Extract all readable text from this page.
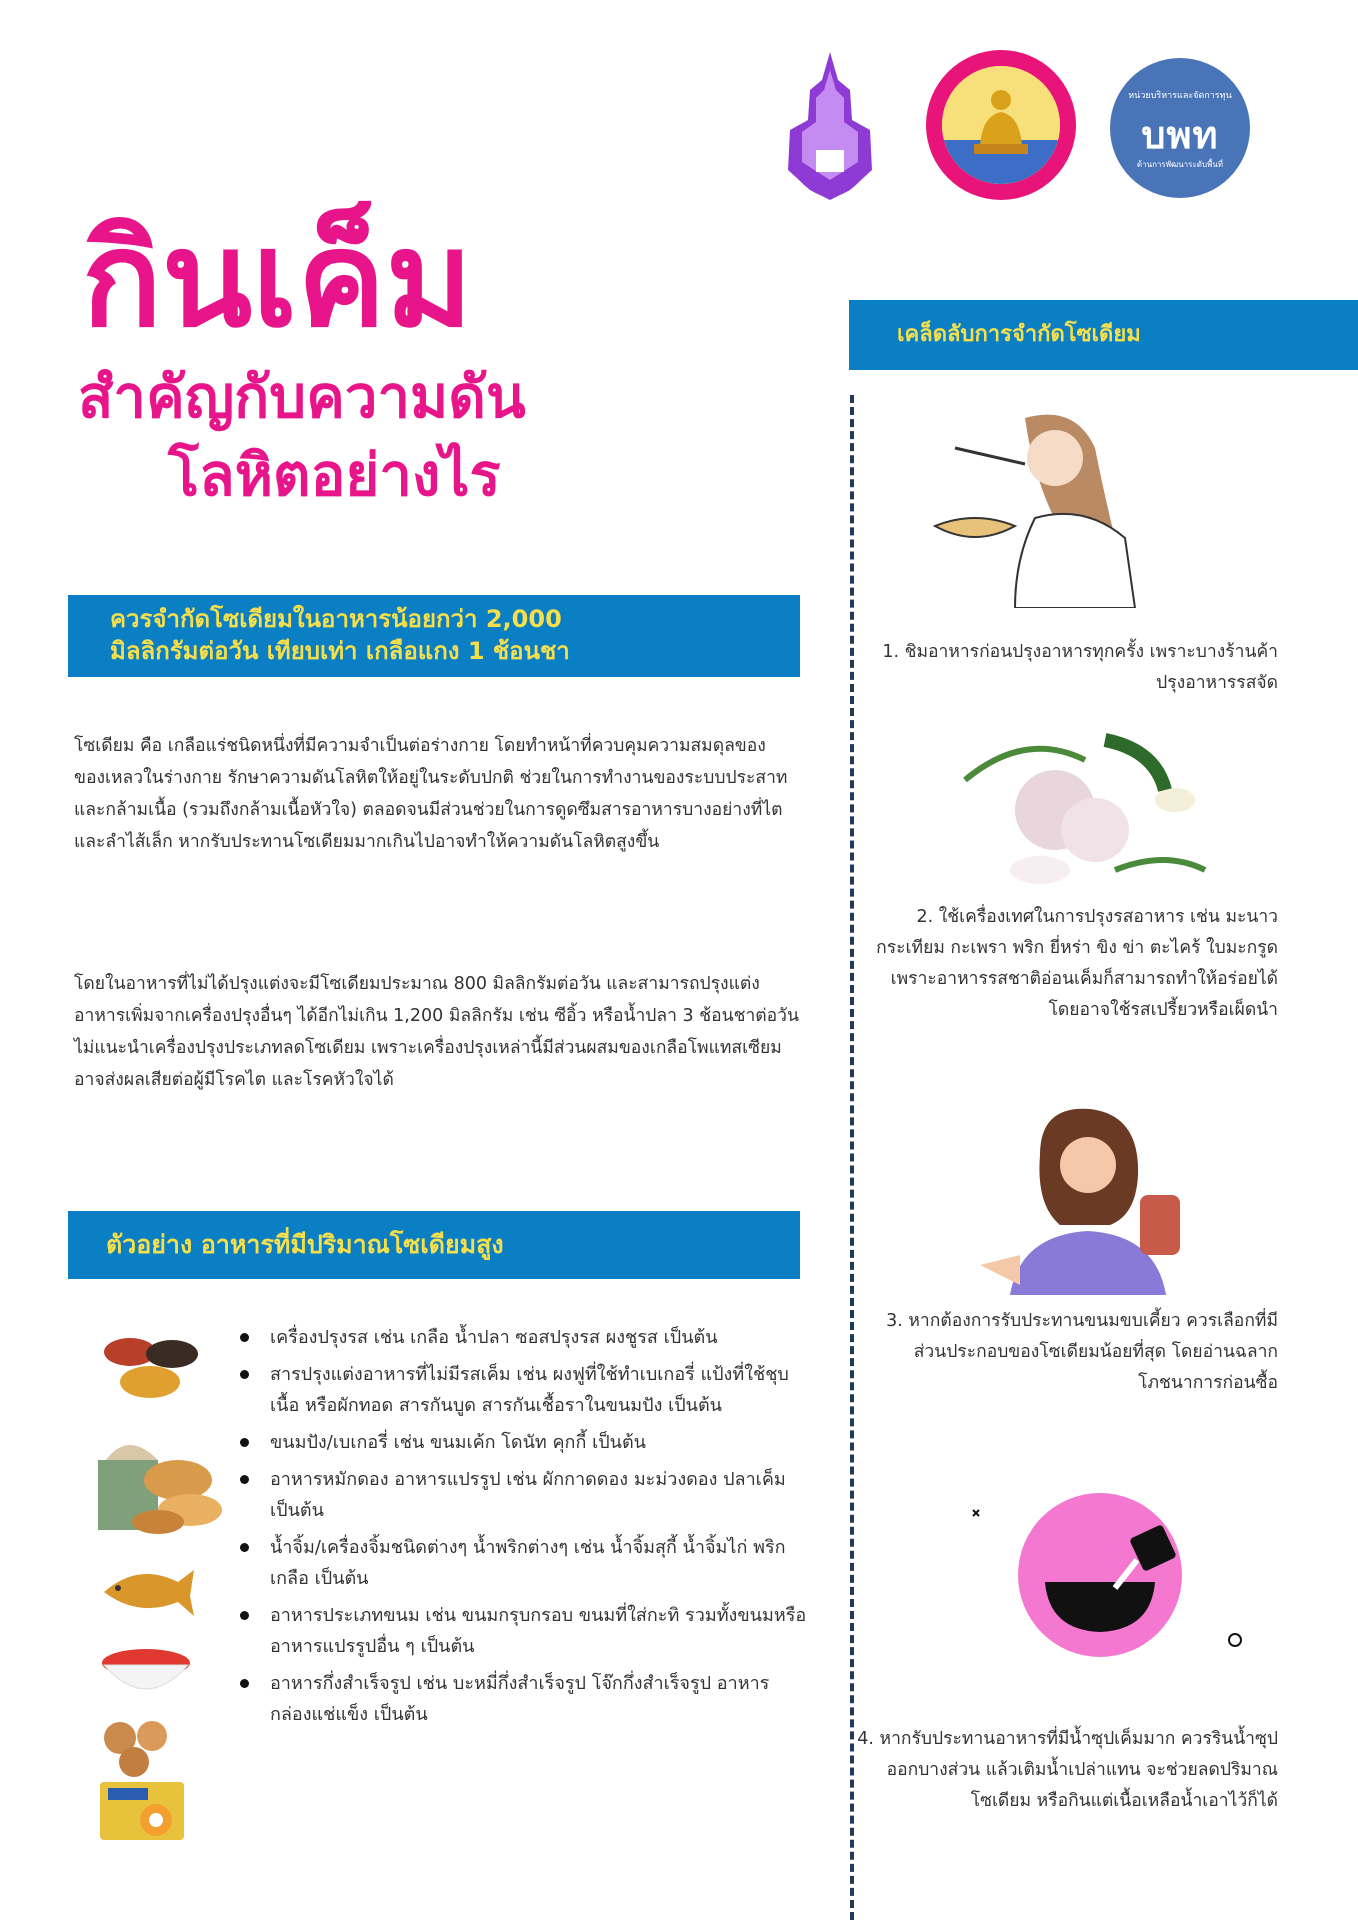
หน่วยบริหารและจัดการทุน
บพท
ด้านการพัฒนาระดับพื้นที่
กินเค็ม
สำคัญกับความดัน
โลหิตอย่างไร
ควรจำกัดโซเดียมในอาหารน้อยกว่า 2,000
มิลลิกรัมต่อวัน เทียบเท่า เกลือแกง 1 ช้อนชา

โซเดียม คือ เกลือแร่ชนิดหนึ่งที่มีความจำเป็นต่อร่างกาย โดยทำหน้าที่ควบคุมความสมดุลของของเหลวในร่างกาย รักษาความดันโลหิตให้อยู่ในระดับปกติ ช่วยในการทำงานของระบบประสาทและกล้ามเนื้อ (รวมถึงกล้ามเนื้อหัวใจ) ตลอดจนมีส่วนช่วยในการดูดซึมสารอาหารบางอย่างที่ไตและลำไส้เล็ก หากรับประทานโซเดียมมากเกินไปอาจทำให้ความดันโลหิตสูงขึ้น

โดยในอาหารที่ไม่ได้ปรุงแต่งจะมีโซเดียมประมาณ 800 มิลลิกรัมต่อวัน และสามารถปรุงแต่งอาหารเพิ่มจากเครื่องปรุงอื่นๆ ได้อีกไม่เกิน 1,200 มิลลิกรัม เช่น ซีอิ้ว หรือน้ำปลา 3 ช้อนชาต่อวัน ไม่แนะนำเครื่องปรุงประเภทลดโซเดียม เพราะเครื่องปรุงเหล่านี้มีส่วนผสมของเกลือโพแทสเซียม อาจส่งผลเสียต่อผู้มีโรคไต และโรคหัวใจได้

ตัวอย่าง อาหารที่มีปริมาณโซเดียมสูง
เครื่องปรุงรส เช่น เกลือ น้ำปลา ซอสปรุงรส ผงชูรส เป็นต้น
สารปรุงแต่งอาหารที่ไม่มีรสเค็ม เช่น ผงฟูที่ใช้ทำเบเกอรี่ แป้งที่ใช้ชุบเนื้อ หรือผักทอด สารกันบูด สารกันเชื้อราในขนมปัง เป็นต้น
ขนมปัง/เบเกอรี่ เช่น ขนมเค้ก โดนัท คุกกี้ เป็นต้น
อาหารหมักดอง อาหารแปรรูป เช่น ผักกาดดอง มะม่วงดอง ปลาเค็ม เป็นต้น
น้ำจิ้ม/เครื่องจิ้มชนิดต่างๆ น้ำพริกต่างๆ เช่น น้ำจิ้มสุกี้ น้ำจิ้มไก่ พริกเกลือ เป็นต้น
อาหารประเภทขนม เช่น ขนมกรุบกรอบ ขนมที่ใส่กะทิ รวมทั้งขนมหรืออาหารแปรรูปอื่น ๆ เป็นต้น
อาหารกึ่งสำเร็จรูป เช่น บะหมี่กึ่งสำเร็จรูป โจ๊กกึ่งสำเร็จรูป อาหารกล่องแช่แข็ง เป็นต้น
เคล็ดลับการจำกัดโซเดียม

1. ชิมอาหารก่อนปรุงอาหารทุกครั้ง เพราะบางร้านค้าปรุงอาหารรสจัด

2. ใช้เครื่องเทศในการปรุงรสอาหาร เช่น มะนาว กระเทียม กะเพรา พริก ยี่หร่า ขิง ข่า ตะไคร้ ใบมะกรูด เพราะอาหารรสชาติอ่อนเค็มก็สามารถทำให้อร่อยได้ โดยอาจใช้รสเปรี้ยวหรือเผ็ดนำ

3. หากต้องการรับประทานขนมขบเคี้ยว ควรเลือกที่มีส่วนประกอบของโซเดียมน้อยที่สุด โดยอ่านฉลากโภชนาการก่อนซื้อ

4. หากรับประทานอาหารที่มีน้ำซุปเค็มมาก ควรรินน้ำซุปออกบางส่วน แล้วเติมน้ำเปล่าแทน จะช่วยลดปริมาณโซเดียม หรือกินแต่เนื้อเหลือน้ำเอาไว้ก็ได้
